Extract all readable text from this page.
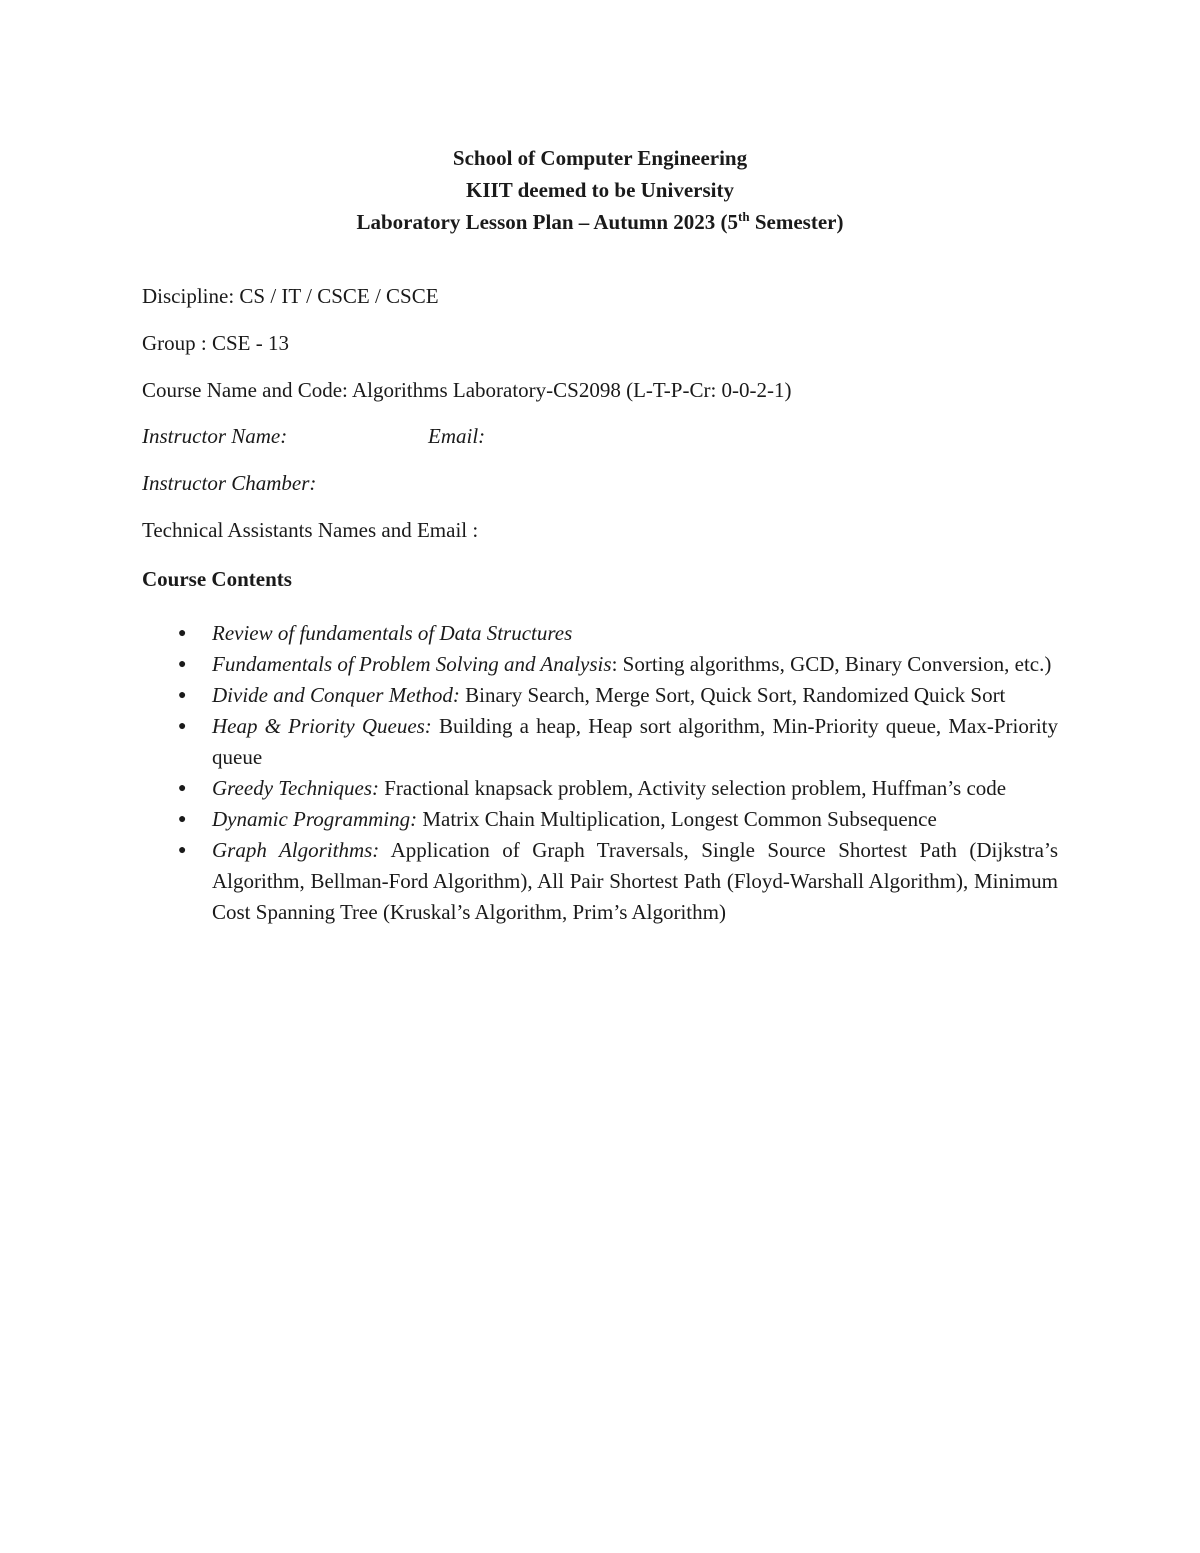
School of Computer Engineering
KIIT deemed to be University
Laboratory Lesson Plan – Autumn 2023 (5th Semester)
Discipline: CS / IT / CSCE / CSCE
Group : CSE - 13
Course Name and Code: Algorithms Laboratory-CS2098 (L-T-P-Cr: 0-0-2-1)
Instructor Name:	Email:
Instructor Chamber:
Technical Assistants Names and Email :
Course Contents
● Review of fundamentals of Data Structures
● Fundamentals of Problem Solving and Analysis: Sorting algorithms, GCD, Binary Conversion, etc.)
● Divide and Conquer Method: Binary Search, Merge Sort, Quick Sort, Randomized Quick Sort
● Heap & Priority Queues: Building a heap, Heap sort algorithm, Min-Priority queue, Max-Priority queue
● Greedy Techniques: Fractional knapsack problem, Activity selection problem, Huffman’s code
● Dynamic Programming: Matrix Chain Multiplication, Longest Common Subsequence
● Graph Algorithms: Application of Graph Traversals, Single Source Shortest Path (Dijkstra’s Algorithm, Bellman-Ford Algorithm), All Pair Shortest Path (Floyd-Warshall Algorithm), Minimum Cost Spanning Tree (Kruskal’s Algorithm, Prim’s Algorithm)
